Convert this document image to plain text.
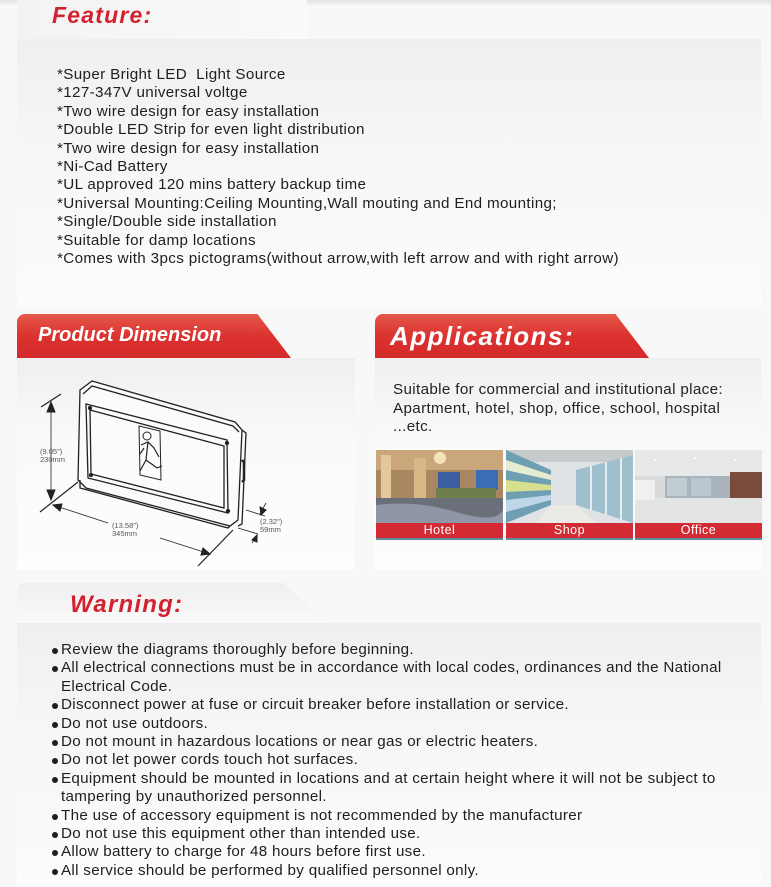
Feature:
*Super Bright LED  Light Source
*127-347V universal voltge
*Two wire design for easy installation
*Double LED Strip for even light distribution
*Two wire design for easy installation
*Ni-Cad Battery
*UL approved 120 mins battery backup time
*Universal Mounting:Ceiling Mounting,Wall mouting and End mounting;
*Single/Double side installation
*Suitable for damp locations
*Comes with 3pcs pictograms(without arrow,with left arrow and with right arrow)
Product Dimension
(9.05")
230mm
(13.58")
345mm
(2.32")
59mm
Applications:
Suitable for commercial and institutional place:
Apartment, hotel, shop, office, school, hospital
...etc.
Hotel	Shop	Office
Warning:
Review the diagrams thoroughly before beginning.
All electrical connections must be in accordance with local codes, ordinances and the National Electrical Code.
Disconnect power at fuse or circuit breaker before installation or service.
Do not use outdoors.
Do not mount in hazardous locations or near gas or electric heaters.
Do not let power cords touch hot surfaces.
Equipment should be mounted in locations and at certain height where it will not be subject to tampering by unauthorized personnel.
The use of accessory equipment is not recommended by the manufacturer
Do not use this equipment other than intended use.
Allow battery to charge for 48 hours before first use.
All service should be performed by qualified personnel only.
